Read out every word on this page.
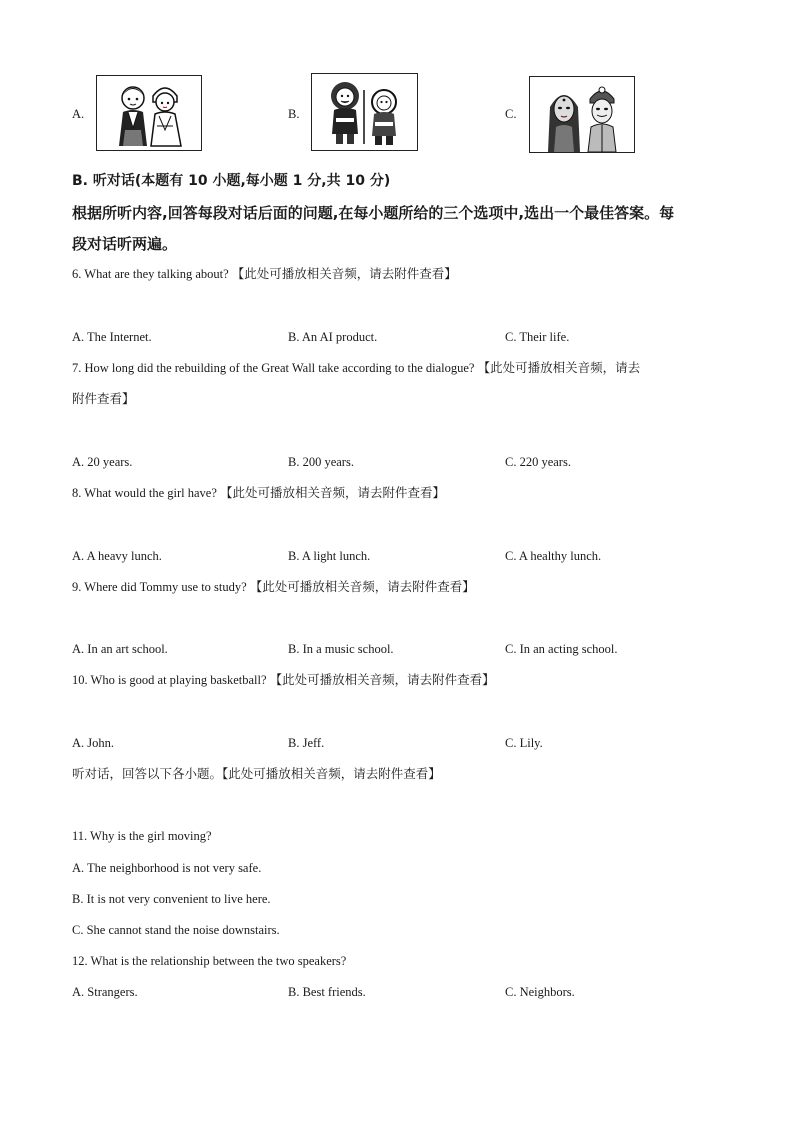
A.	B.	C.
B. 听对话(本题有 10 小题,每小题 1 分,共 10 分)
根据所听内容,回答每段对话后面的问题,在每小题所给的三个选项中,选出一个最佳答案。每
段对话听两遍。
6. What are they talking about? 【此处可播放相关音频，请去附件查看】
A. The Internet.	B. An AI product.	C. Their life.
7. How long did the rebuilding of the Great Wall take according to the dialogue? 【此处可播放相关音频，请去
附件查看】
A. 20 years.	B. 200 years.	C. 220 years.
8. What would the girl have? 【此处可播放相关音频，请去附件查看】
A. A heavy lunch.	B. A light lunch.	C. A healthy lunch.
9. Where did Tommy use to study? 【此处可播放相关音频，请去附件查看】
A. In an art school.	B. In a music school.	C. In an acting school.
10. Who is good at playing basketball? 【此处可播放相关音频，请去附件查看】
A. John.	B. Jeff.	C. Lily.
听对话，回答以下各小题。【此处可播放相关音频，请去附件查看】
11. Why is the girl moving?
A. The neighborhood is not very safe.
B. It is not very convenient to live here.
C. She cannot stand the noise downstairs.
12. What is the relationship between the two speakers?
A. Strangers.	B. Best friends.	C. Neighbors.
